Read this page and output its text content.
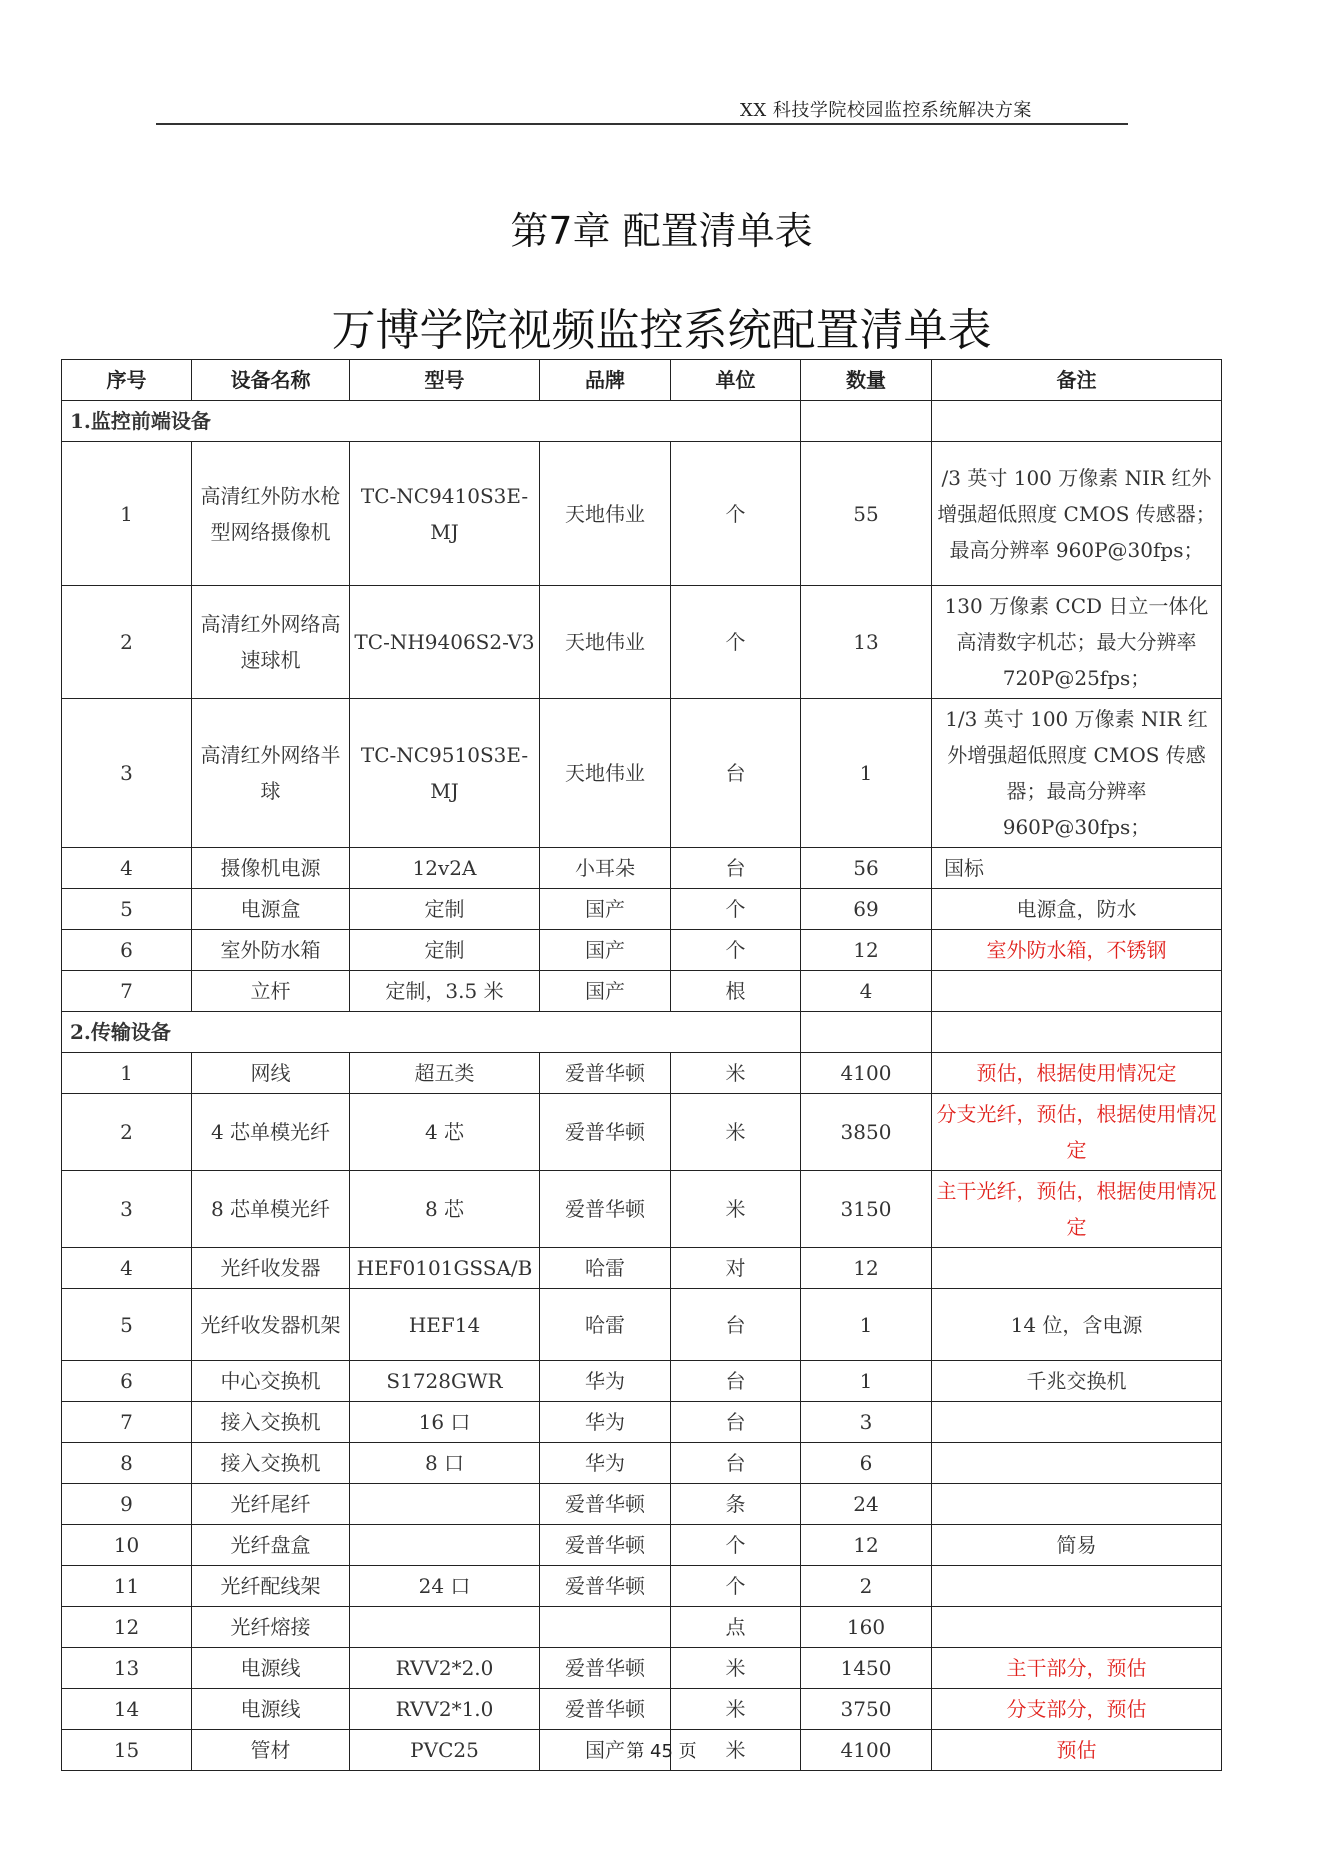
XX 科技学院校园监控系统解决方案
第7章 配置清单表
万博学院视频监控系统配置清单表
序号	设备名称	型号	品牌	单位	数量	备注
1.监控前端设备						
1	高清红外防水枪型网络摄像机	TC-NC9410S3E-MJ	天地伟业	个	55	/3 英寸 100 万像素 NIR 红外增强超低照度 CMOS 传感器；最高分辨率 960P@30fps；
2	高清红外网络高速球机	TC-NH9406S2-V3	天地伟业	个	13	130 万像素 CCD 日立一体化高清数字机芯；最大分辨率 720P@25fps；
3	高清红外网络半球	TC-NC9510S3E-MJ	天地伟业	台	1	1/3 英寸 100 万像素 NIR 红外增强超低照度 CMOS 传感器；最高分辨率 960P@30fps；
4	摄像机电源	12v2A	小耳朵	台	56	国标
5	电源盒	定制	国产	个	69	电源盒，防水
6	室外防水箱	定制	国产	个	12	室外防水箱，不锈钢
7	立杆	定制，3.5 米	国产	根	4	
2.传输设备						
1	网线	超五类	爱普华顿	米	4100	预估，根据使用情况定
2	4 芯单模光纤	4 芯	爱普华顿	米	3850	分支光纤，预估，根据使用情况定
3	8 芯单模光纤	8 芯	爱普华顿	米	3150	主干光纤，预估，根据使用情况定
4	光纤收发器	HEF0101GSSA/B	哈雷	对	12	
5	光纤收发器机架	HEF14	哈雷	台	1	14 位，含电源
6	中心交换机	S1728GWR	华为	台	1	千兆交换机
7	接入交换机	16 口	华为	台	3	
8	接入交换机	8 口	华为	台	6	
9	光纤尾纤		爱普华顿	条	24	
10	光纤盘盒		爱普华顿	个	12	简易
11	光纤配线架	24 口	爱普华顿	个	2	
12	光纤熔接			点	160	
13	电源线	RVV2*2.0	爱普华顿	米	1450	主干部分，预估
14	电源线	RVV2*1.0	爱普华顿	米	3750	分支部分，预估
15	管材	PVC25	国产	米	4100	预估
第 45 页
